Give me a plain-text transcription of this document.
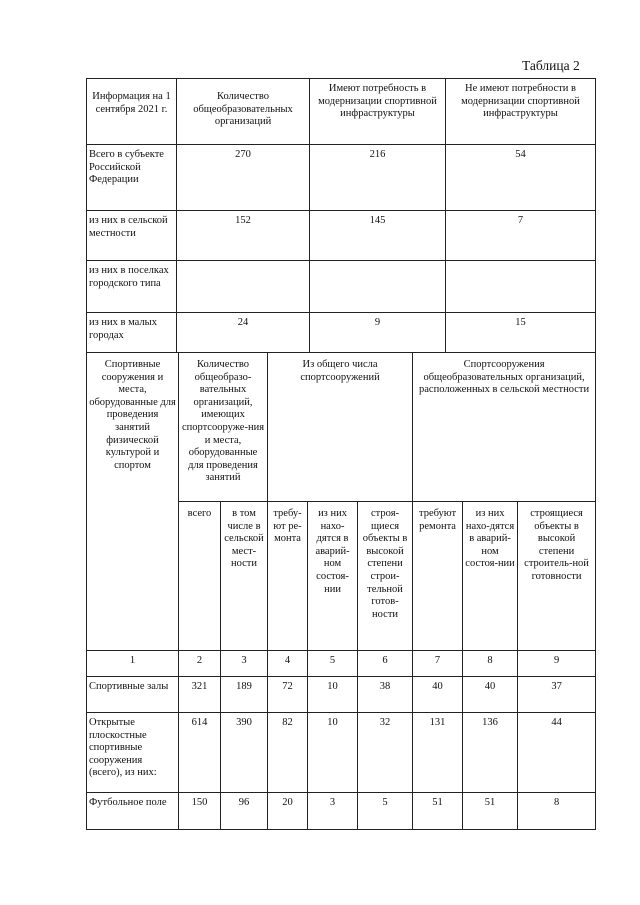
Таблица 2
Информация на 1 сентября 2021 г.	Количество общеобразовательных организаций	Имеют потребность в модернизации спортивной инфраструктуры	Не имеют потребности в модернизации спортивной инфраструктуры
Всего в субъекте Российской Федерации	270	216	54
из них в сельской местности	152	145	7
из них в поселках городского типа			
из них в малых городах	24	9	15
Спортивные сооружения и места, оборудованные для проведения занятий физической культурой и спортом	Количество общеобразо-вательных организаций, имеющих спортсооруже-ния и места, оборудованные для проведения занятий		Из общего числа спортсооружений			Спортсооружения общеобразовательных организаций, расположенных в сельской местности		
	всего	в том числе в сельской мест-ности	требу-ют ре-монта	из них нахо-дятся в аварий-ном состоя-нии	строя-щиеся объекты в высокой степени строи-тельной готов-ности	требуют ремонта	из них нахо-дятся в аварий-ном состоя-нии	строящиеся объекты в высокой степени строитель-ной готовности
1	2	3	4	5	6	7	8	9
Спортивные залы	321	189	72	10	38	40	40	37
Открытые плоскостные спортивные сооружения (всего), из них:	614	390	82	10	32	131	136	44
Футбольное поле	150	96	20	3	5	51	51	8
